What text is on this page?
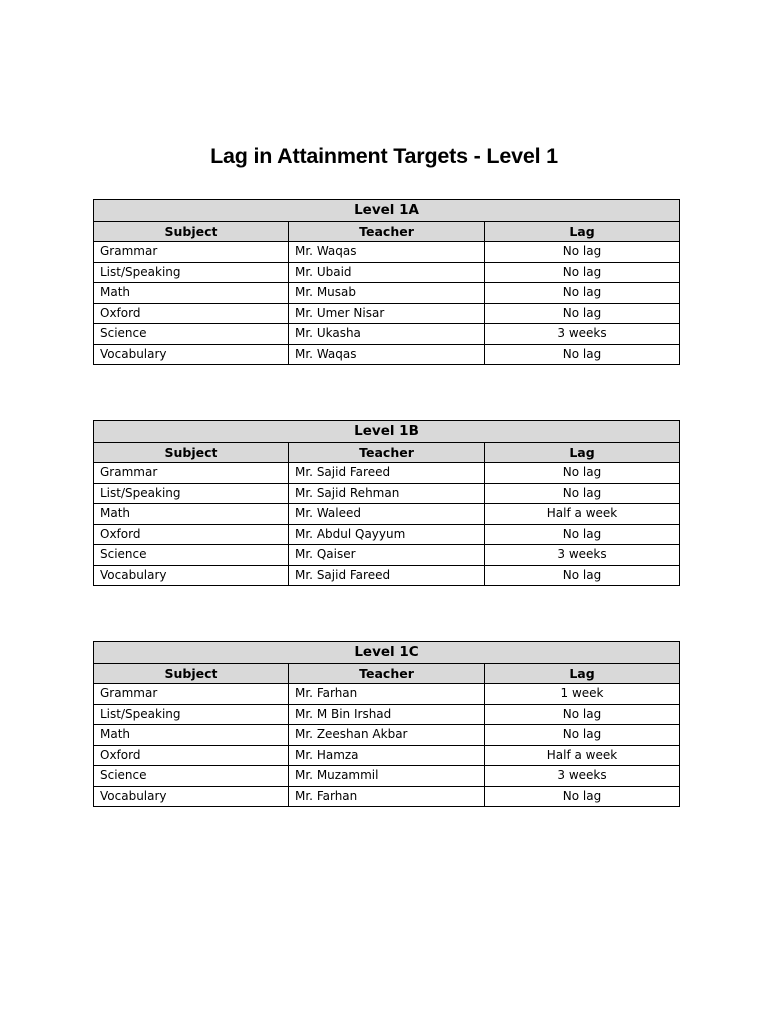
Lag in Attainment Targets - Level 1
Level 1A		
Subject	Teacher	Lag
Grammar	Mr. Waqas	No lag
List/Speaking	Mr. Ubaid	No lag
Math	Mr. Musab	No lag
Oxford	Mr. Umer Nisar	No lag
Science	Mr. Ukasha	3 weeks
Vocabulary	Mr. Waqas	No lag
Level 1B		
Subject	Teacher	Lag
Grammar	Mr. Sajid Fareed	No lag
List/Speaking	Mr. Sajid Rehman	No lag
Math	Mr. Waleed	Half a week
Oxford	Mr. Abdul Qayyum	No lag
Science	Mr. Qaiser	3 weeks
Vocabulary	Mr. Sajid Fareed	No lag
Level 1C		
Subject	Teacher	Lag
Grammar	Mr. Farhan	1 week
List/Speaking	Mr. M Bin Irshad	No lag
Math	Mr. Zeeshan Akbar	No lag
Oxford	Mr. Hamza	Half a week
Science	Mr. Muzammil	3 weeks
Vocabulary	Mr. Farhan	No lag
